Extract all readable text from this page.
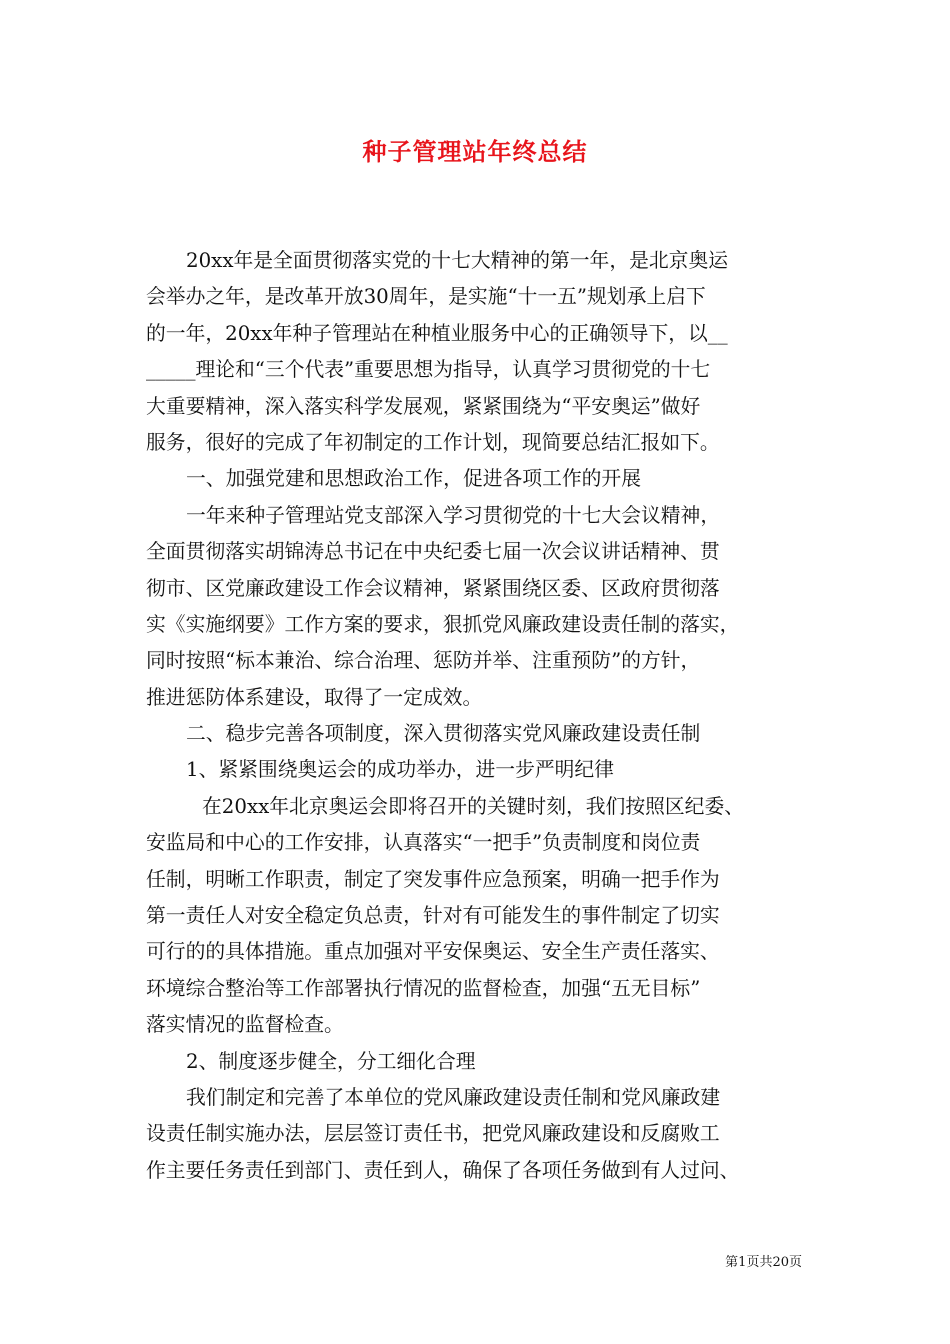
种子管理站年终总结
20xx年是全面贯彻落实党的十七大精神的第一年，是北京奥运
会举办之年，是改革开放30周年，是实施“十一五”规划承上启下
的一年，20xx年种子管理站在种植业服务中心的正确领导下，以__
_____理论和“三个代表”重要思想为指导，认真学习贯彻党的十七
大重要精神，深入落实科学发展观，紧紧围绕为“平安奥运”做好
服务，很好的完成了年初制定的工作计划，现简要总结汇报如下。
一、加强党建和思想政治工作，促进各项工作的开展
一年来种子管理站党支部深入学习贯彻党的十七大会议精神，
全面贯彻落实胡锦涛总书记在中央纪委七届一次会议讲话精神、贯
彻市、区党廉政建设工作会议精神，紧紧围绕区委、区政府贯彻落
实《实施纲要》工作方案的要求，狠抓党风廉政建设责任制的落实，
同时按照“标本兼治、综合治理、惩防并举、注重预防”的方针，
推进惩防体系建设，取得了一定成效。
二、稳步完善各项制度，深入贯彻落实党风廉政建设责任制
1、紧紧围绕奥运会的成功举办，进一步严明纪律
在20xx年北京奥运会即将召开的关键时刻，我们按照区纪委、
安监局和中心的工作安排，认真落实“一把手”负责制度和岗位责
任制，明晰工作职责，制定了突发事件应急预案，明确一把手作为
第一责任人对安全稳定负总责，针对有可能发生的事件制定了切实
可行的的具体措施。重点加强对平安保奥运、安全生产责任落实、
环境综合整治等工作部署执行情况的监督检查，加强“五无目标”
落实情况的监督检查。
2、制度逐步健全，分工细化合理
我们制定和完善了本单位的党风廉政建设责任制和党风廉政建
设责任制实施办法，层层签订责任书，把党风廉政建设和反腐败工
作主要任务责任到部门、责任到人，确保了各项任务做到有人过问、
第1页共20页
